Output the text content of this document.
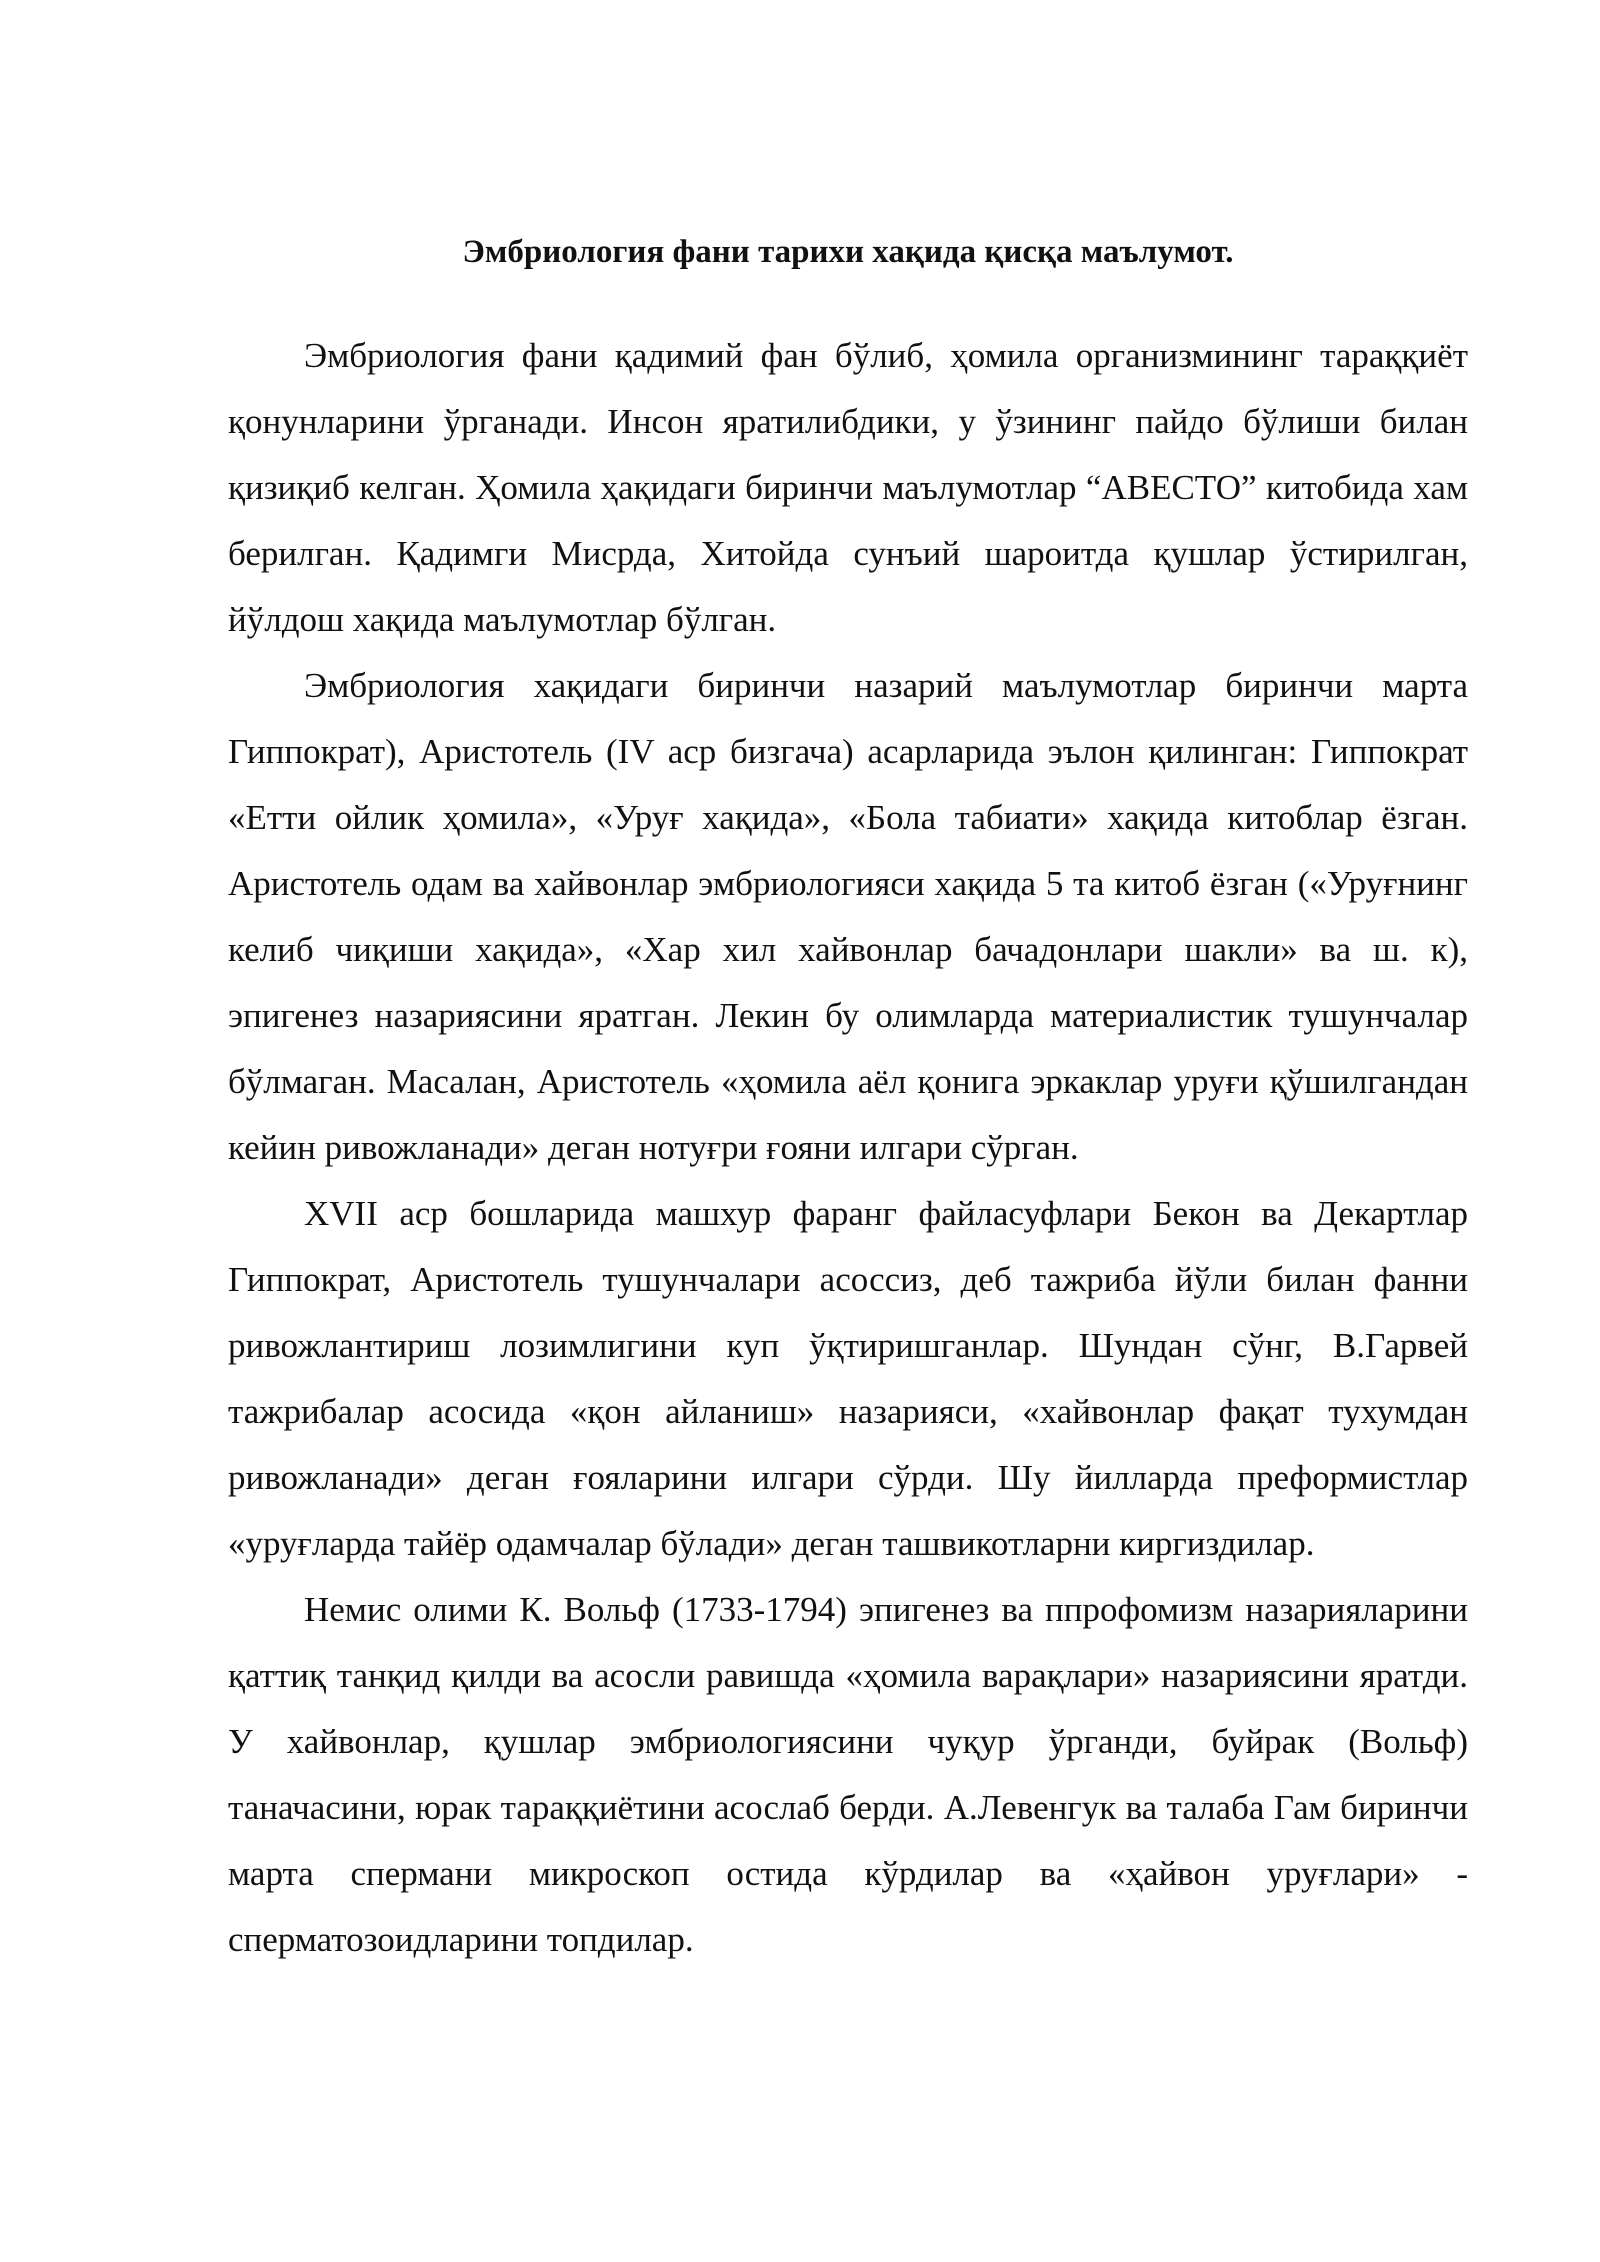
Эмбриология фани тарихи хақида қисқа маълумот.

Эмбриология фани қадимий фан бўлиб, ҳомила организмининг тараққиёт қонунларини ўрганади. Инсон яратилибдики, у ўзининг пайдо бўлиши билан қизиқиб келган. Ҳомила ҳақидаги биринчи маълумотлар “АВЕСТО” китобида хам берилган. Қадимги Мисрда, Хитойда сунъий шароитда қушлар ўстирилган, йўлдош хақида маълумотлар бўлган.

Эмбриология хақидаги биринчи назарий маълумотлар биринчи марта Гиппократ), Аристотель (IV аср бизгача) асарларида эълон қилинган: Гиппократ «Етти ойлик ҳомила», «Уруғ хақида», «Бола табиати» хақида китоблар ёзган. Аристотель одам ва хайвонлар эмбриологияси хақида 5 та китоб ёзган («Уруғнинг келиб чиқиши хақида», «Хар хил хайвонлар бачадонлари шакли» ва ш. к), эпигенез назариясини яратган. Лекин бу олимларда материалистик тушунчалар бўлмаган. Масалан, Аристотель «ҳомила аёл қонига эркаклар уруғи қўшилгандан кейин ривожланади» деган нотуғри ғояни илгари сўрган.

XVII аср бошларида машхур фаранг файласуфлари Бекон ва Декартлар Гиппократ, Аристотель тушунчалари асоссиз, деб тажриба йўли билан фанни ривожлантириш лозимлигини куп ўқтиришганлар. Шундан сўнг, В.Гарвей тажрибалар асосида «қон айланиш» назарияси, «хайвонлар фақат тухумдан ривожланади» деган ғояларини илгари сўрди. Шу йилларда преформистлар «уруғларда тайёр одамчалар бўлади» деган ташвикотларни киргиздилар.

Немис олими К. Вольф (1733-1794) эпигенез ва ппрофомизм назарияларини қаттиқ танқид қилди ва асосли равишда «ҳомила варақлари» назариясини яратди. У хайвонлар, қушлар эмбриологиясини чуқур ўрганди, буйрак (Вольф) таначасини, юрак тараққиётини асослаб берди. А.Левенгук ва талаба Гам биринчи марта спермани микроскоп остида кўрдилар ва «ҳайвон уруғлари» - сперматозоидларини топдилар.
